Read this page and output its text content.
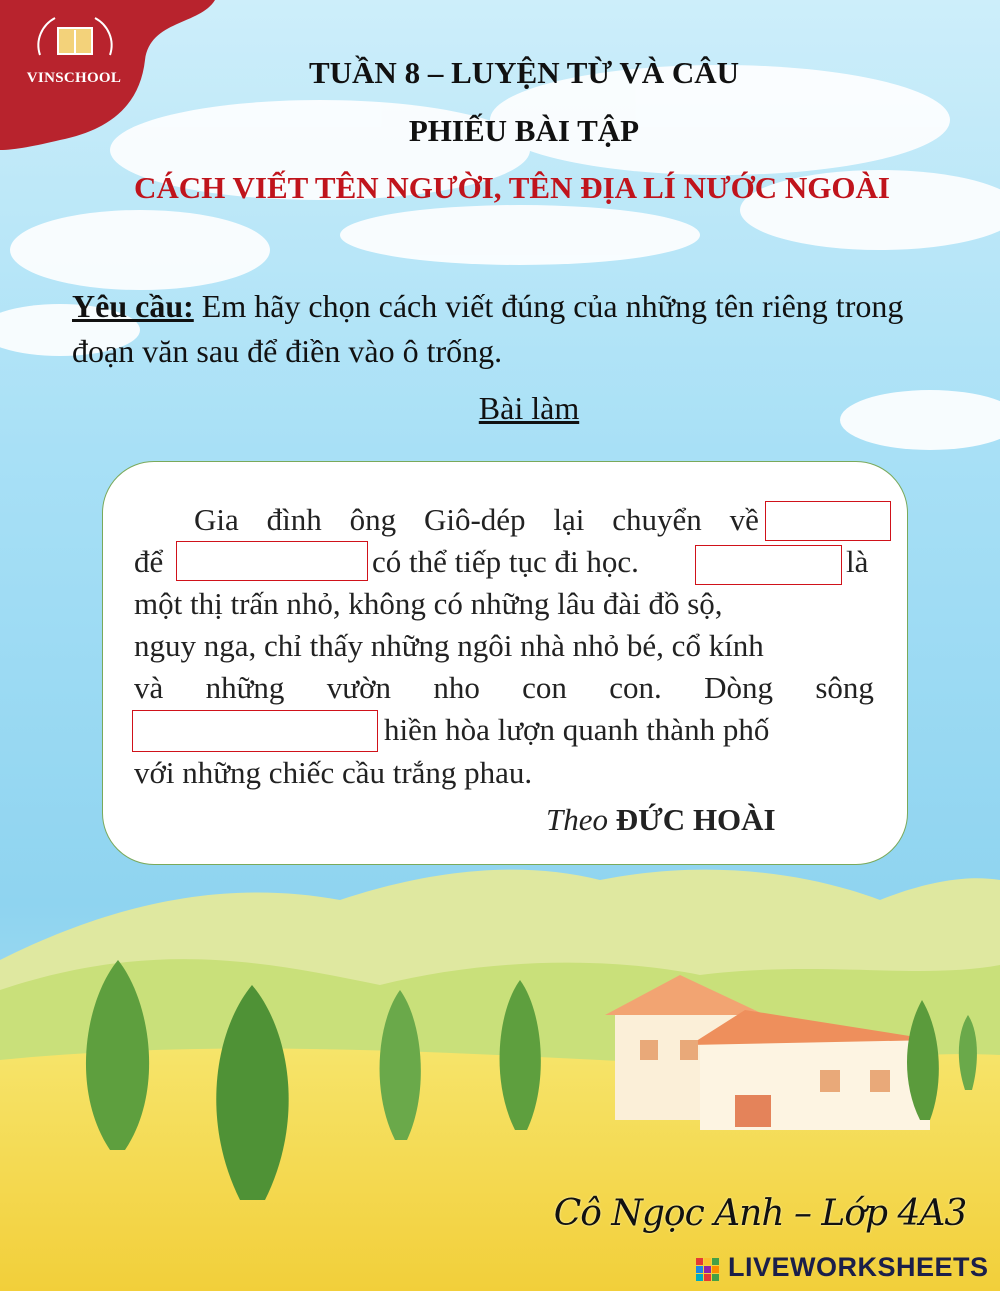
VINSCHOOL	TUẦN 8 – LUYỆN TỪ VÀ CÂU
PHIẾU BÀI TẬP
CÁCH VIẾT TÊN NGƯỜI, TÊN ĐỊA LÍ NƯỚC NGOÀI
Yêu cầu: Em hãy chọn cách viết đúng của những tên riêng trong đoạn văn sau để điền vào ô trống.
Bài làm
Gia đình ông Giô-dép lại chuyển về
để	có thể tiếp tục đi học.	là
một thị trấn nhỏ, không có những lâu đài đồ sộ,
nguy nga, chỉ thấy những ngôi nhà nhỏ bé, cổ kính
và những vườn nho con con. Dòng sông
hiền hòa lượn quanh thành phố
với những chiếc cầu trắng phau.
Theo ĐỨC HOÀI
Cô Ngọc Anh – Lớp 4A3
LIVEWORKSHEETS
